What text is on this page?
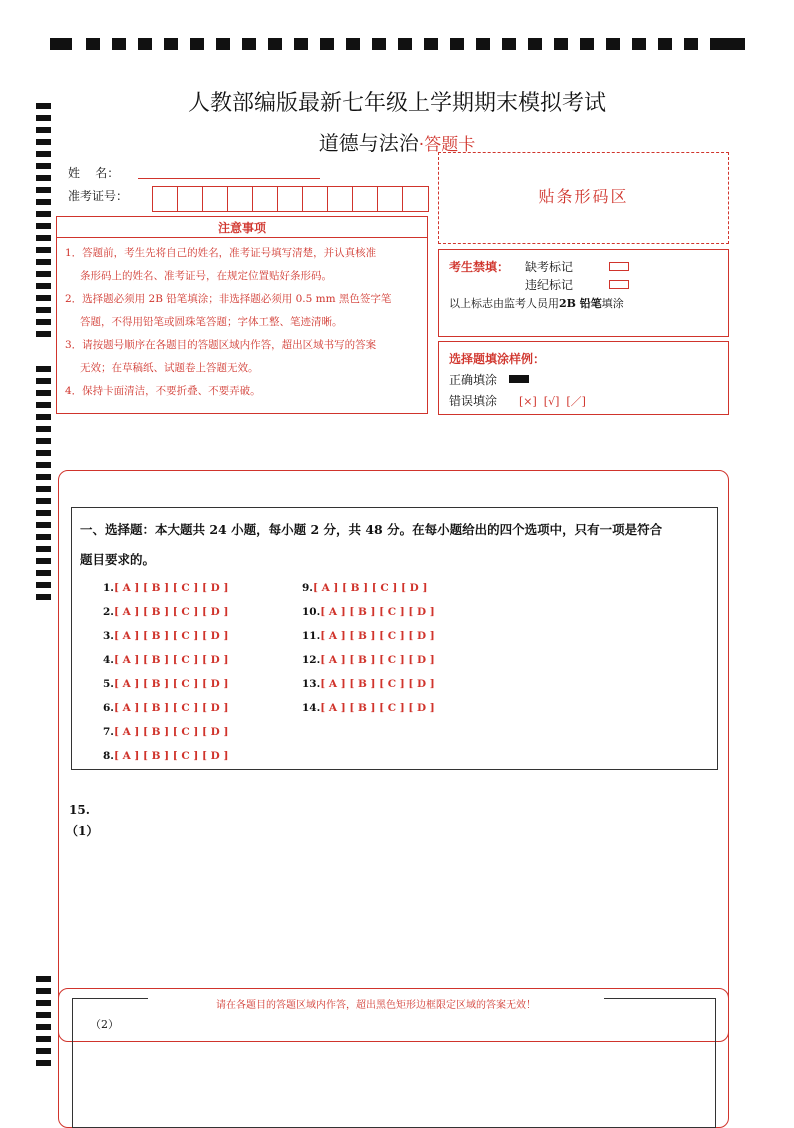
人教部编版最新七年级上学期期末模拟考试
道德与法治·答题卡
姓    名：
准考证号：
注意事项

1．答题前，考生先将自己的姓名，准考证号填写清楚，并认真核准

条形码上的姓名、准考证号，在规定位置贴好条形码。

2．选择题必须用 2B 铅笔填涂；非选择题必须用 0.5 mm 黑色签字笔

答题，不得用铅笔或圆珠笔答题；字体工整、笔迹清晰。

3．请按题号顺序在各题目的答题区域内作答，超出区域书写的答案

无效；在草稿纸、试题卷上答题无效。

4．保持卡面清洁，不要折叠、不要弄破。

贴条形码区
考生禁填： 缺考标记
违纪标记
以上标志由监考人员用2B 铅笔填涂
选择题填涂样例：
正确填涂
错误填涂 [×]  [√]  [／]
一、选择题：本大题共 24 小题，每小题 2 分，共 48 分。在每小题给出的四个选项中，只有一项是符合
题目要求的。
15.
（1）
请在各题目的答题区域内作答，超出黑色矩形边框限定区域的答案无效！
（2）
1.[ A ] [ B ] [ C ] [ D ]
2.[ A ] [ B ] [ C ] [ D ]
3.[ A ] [ B ] [ C ] [ D ]
4.[ A ] [ B ] [ C ] [ D ]
5.[ A ] [ B ] [ C ] [ D ]
6.[ A ] [ B ] [ C ] [ D ]
7.[ A ] [ B ] [ C ] [ D ]
8.[ A ] [ B ] [ C ] [ D ]
9.[ A ] [ B ] [ C ] [ D ]
10.[ A ] [ B ] [ C ] [ D ]
11.[ A ] [ B ] [ C ] [ D ]
12.[ A ] [ B ] [ C ] [ D ]
13.[ A ] [ B ] [ C ] [ D ]
14.[ A ] [ B ] [ C ] [ D ]
